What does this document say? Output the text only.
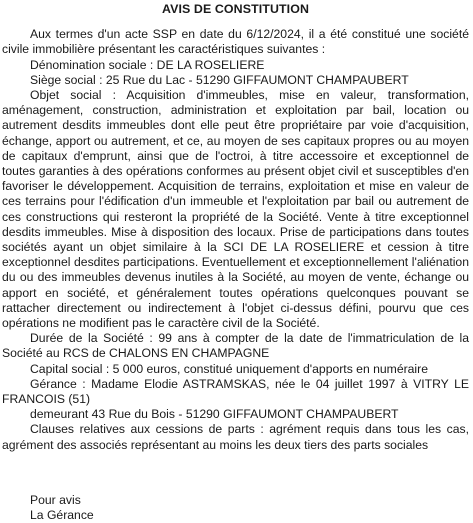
AVIS DE CONSTITUTION

Aux termes d'un acte SSP en date du 6/12/2024, il a été constitué une société civile immobilière présentant les caractéristiques suivantes :

Dénomination sociale : DE LA ROSELIERE

Siège social : 25 Rue du Lac - 51290 GIFFAUMONT CHAMPAUBERT

Objet social : Acquisition d'immeubles, mise en valeur, transformation, aménagement, construction, administration et exploitation par bail, location ou autrement desdits immeubles dont elle peut être propriétaire par voie d'acquisition, échange, apport ou autrement, et ce, au moyen de ses capitaux propres ou au moyen de capitaux d'emprunt, ainsi que de l'octroi, à titre accessoire et exceptionnel de toutes garanties à des opérations conformes au présent objet civil et susceptibles d'en favoriser le développement. Acquisition de terrains, exploitation et mise en valeur de ces terrains pour l'édification d'un immeuble et l'exploitation par bail ou autrement de ces constructions qui resteront la propriété de la Société. Vente à titre exceptionnel desdits immeubles. Mise à disposition des locaux. Prise de participations dans toutes sociétés ayant un objet similaire à la SCI DE LA ROSELIERE et cession à titre exceptionnel desdites participations. Eventuellement et exceptionnellement l'aliénation du ou des immeubles devenus inutiles à la Société, au moyen de vente, échange ou apport en société, et généralement toutes opérations quelconques pouvant se rattacher directement ou indirectement à l'objet ci-dessus défini, pourvu que ces opérations ne modifient pas le caractère civil de la Société.

Durée de la Société : 99 ans à compter de la date de l'immatriculation de la Société au RCS de CHALONS EN CHAMPAGNE

Capital social : 5 000 euros, constitué uniquement d'apports en numéraire

Gérance : Madame Elodie ASTRAMSKAS, née le 04 juillet 1997 à VITRY LE FRANCOIS (51)

demeurant 43 Rue du Bois - 51290 GIFFAUMONT CHAMPAUBERT

Clauses relatives aux cessions de parts : agrément requis dans tous les cas, agrément des associés représentant au moins les deux tiers des parts sociales

Pour avis

La Gérance
